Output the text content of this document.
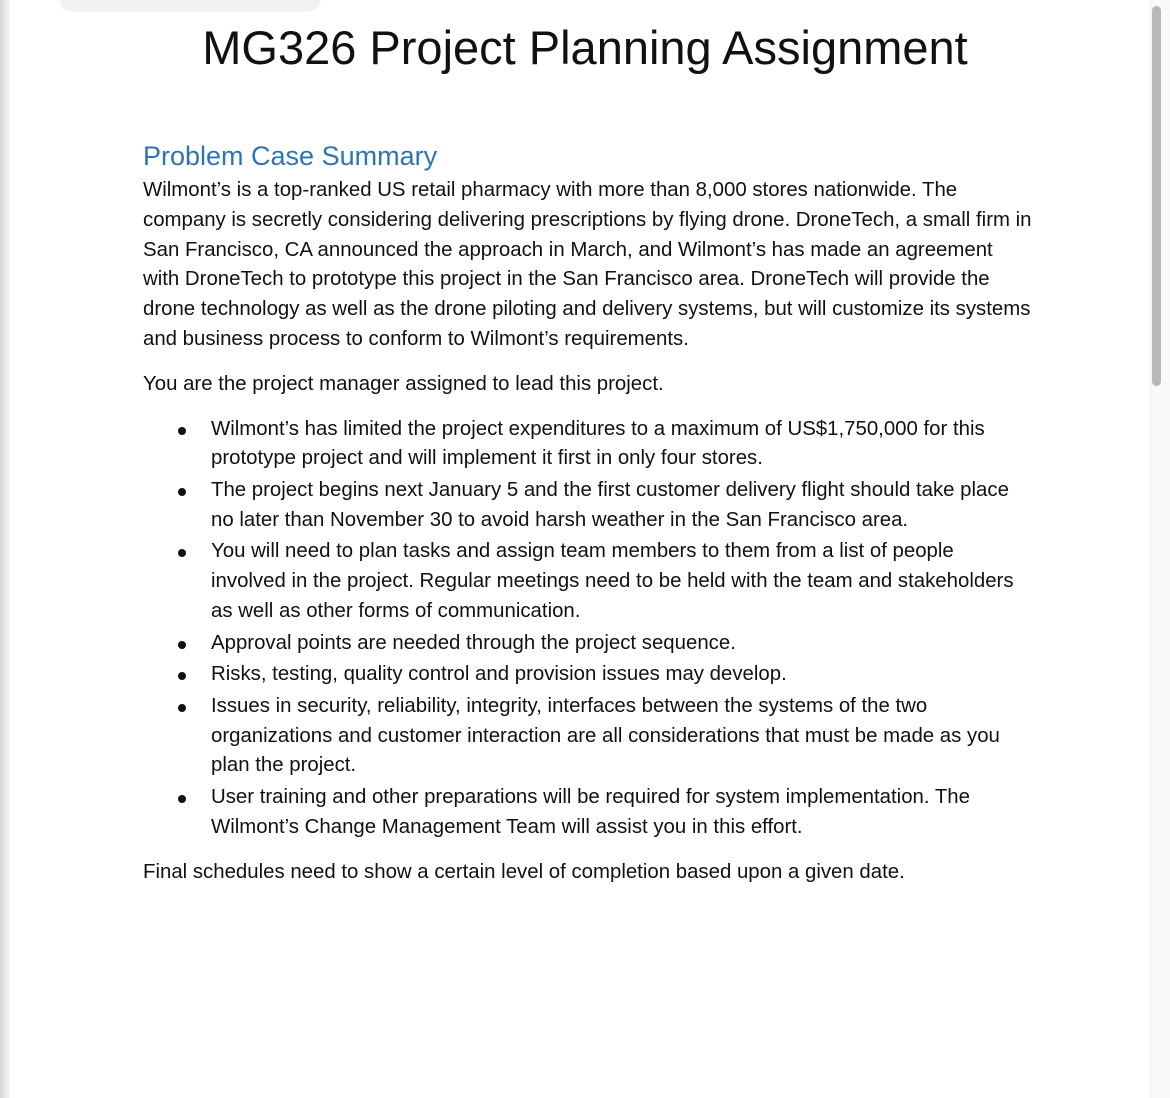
MG326 Project Planning Assignment
Problem Case Summary

Wilmont’s is a top-ranked US retail pharmacy with more than 8,000 stores nationwide. The company is secretly considering delivering prescriptions by flying drone. DroneTech, a small firm in San Francisco, CA announced the approach in March, and Wilmont’s has made an agreement with DroneTech to prototype this project in the San Francisco area. DroneTech will provide the drone technology as well as the drone piloting and delivery systems, but will customize its systems and business process to conform to Wilmont’s requirements.

You are the project manager assigned to lead this project.

Wilmont’s has limited the project expenditures to a maximum of US$1,750,000 for this prototype project and will implement it first in only four stores.
The project begins next January 5 and the first customer delivery flight should take place no later than November 30 to avoid harsh weather in the San Francisco area.
You will need to plan tasks and assign team members to them from a list of people involved in the project. Regular meetings need to be held with the team and stakeholders as well as other forms of communication.
Approval points are needed through the project sequence.
Risks, testing, quality control and provision issues may develop.
Issues in security, reliability, integrity, interfaces between the systems of the two organizations and customer interaction are all considerations that must be made as you plan the project.
User training and other preparations will be required for system implementation. The Wilmont’s Change Management Team will assist you in this effort.

Final schedules need to show a certain level of completion based upon a given date.
